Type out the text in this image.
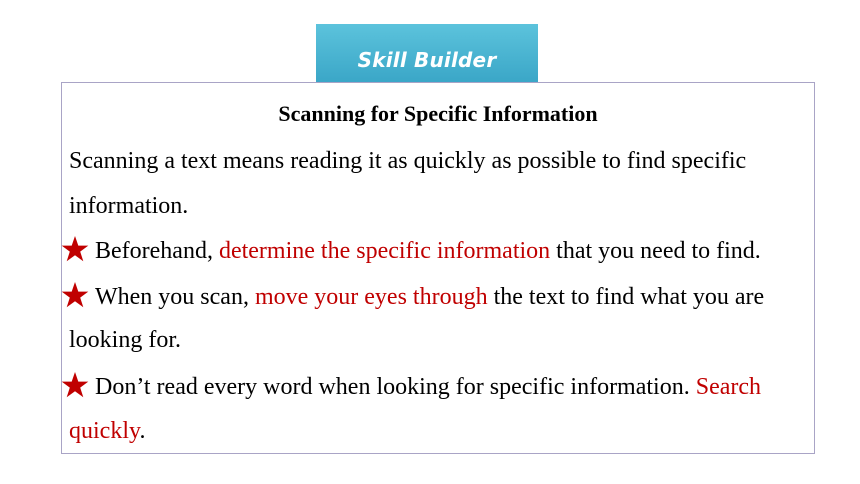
Skill Builder
Scanning for Specific Information
Scanning a text means reading it as quickly as possible to find specific
information.
Beforehand, determine the specific information that you need to find.
When you scan, move your eyes through the text to find what you are
looking for.
Don’t read every word when looking for specific information. Search
quickly.
